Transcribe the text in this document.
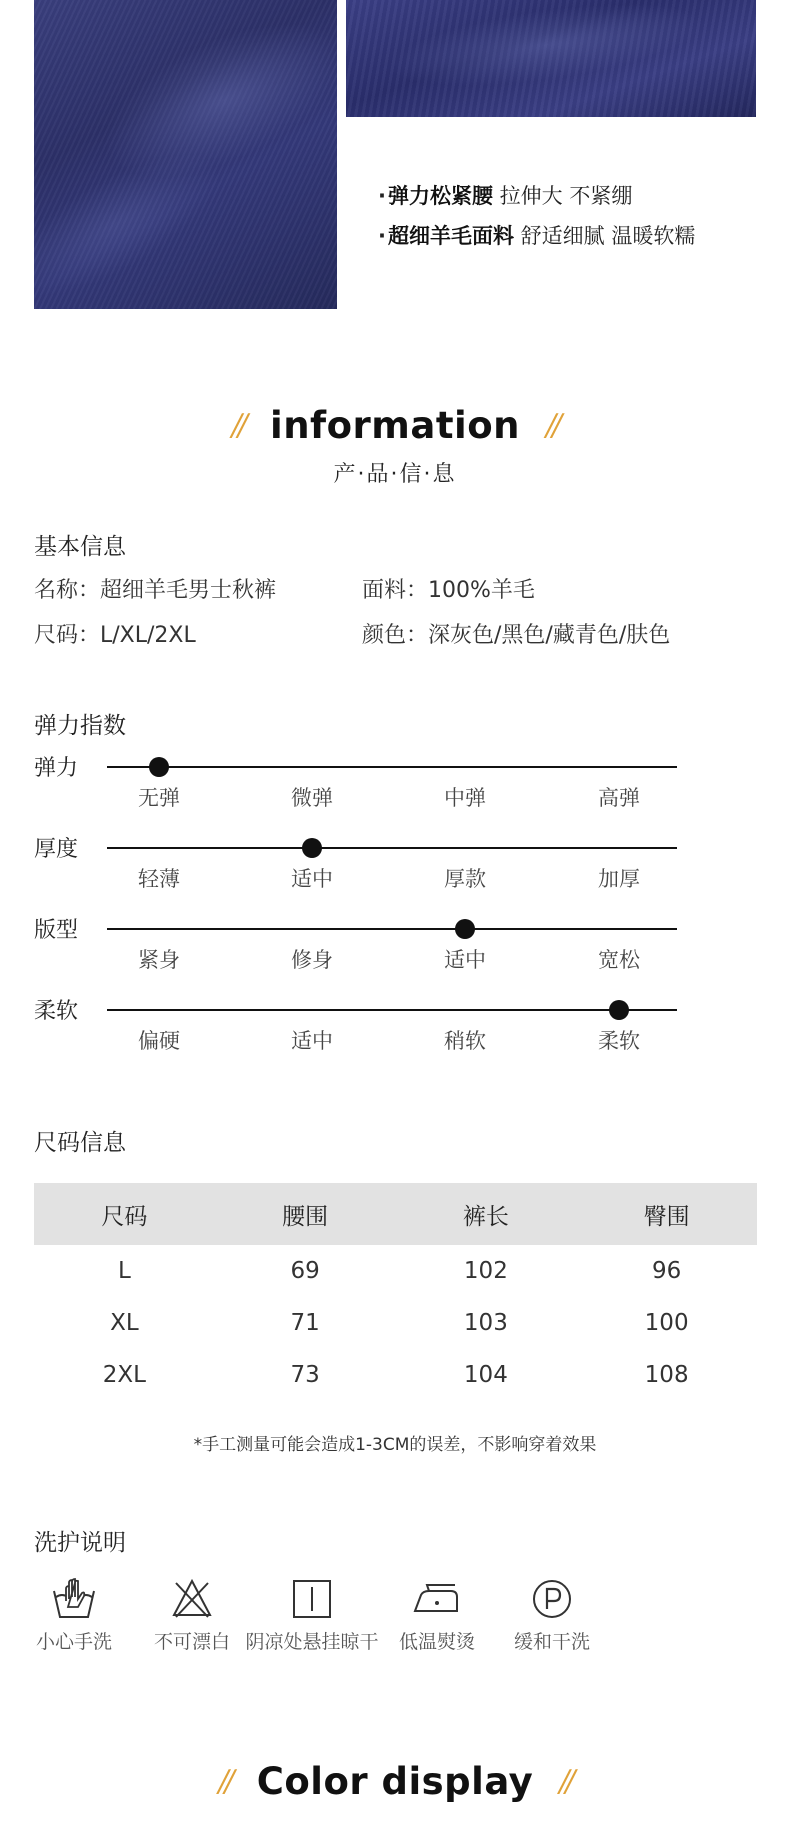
·弹力松紧腰 拉伸大 不紧绷
·超细羊毛面料 舒适细腻 温暖软糯
// information //
产·品·信·息
基本信息
名称：超细羊毛男士秋裤	面料：100%羊毛
尺码：L/XL/2XL	颜色：深灰色/黑色/藏青色/肤色
弹力指数
弹力
无弹	微弹	中弹	高弹
厚度
轻薄	适中	厚款	加厚
版型
紧身	修身	适中	宽松
柔软
偏硬	适中	稍软	柔软
尺码信息
尺码	腰围	裤长	臀围
L	69	102	96
XL	71	103	100
2XL	73	104	108
*手工测量可能会造成1-3CM的误差，不影响穿着效果
洗护说明
小心手洗 不可漂白 阴凉处悬挂晾干 低温熨烫 缓和干洗
// Color display //
